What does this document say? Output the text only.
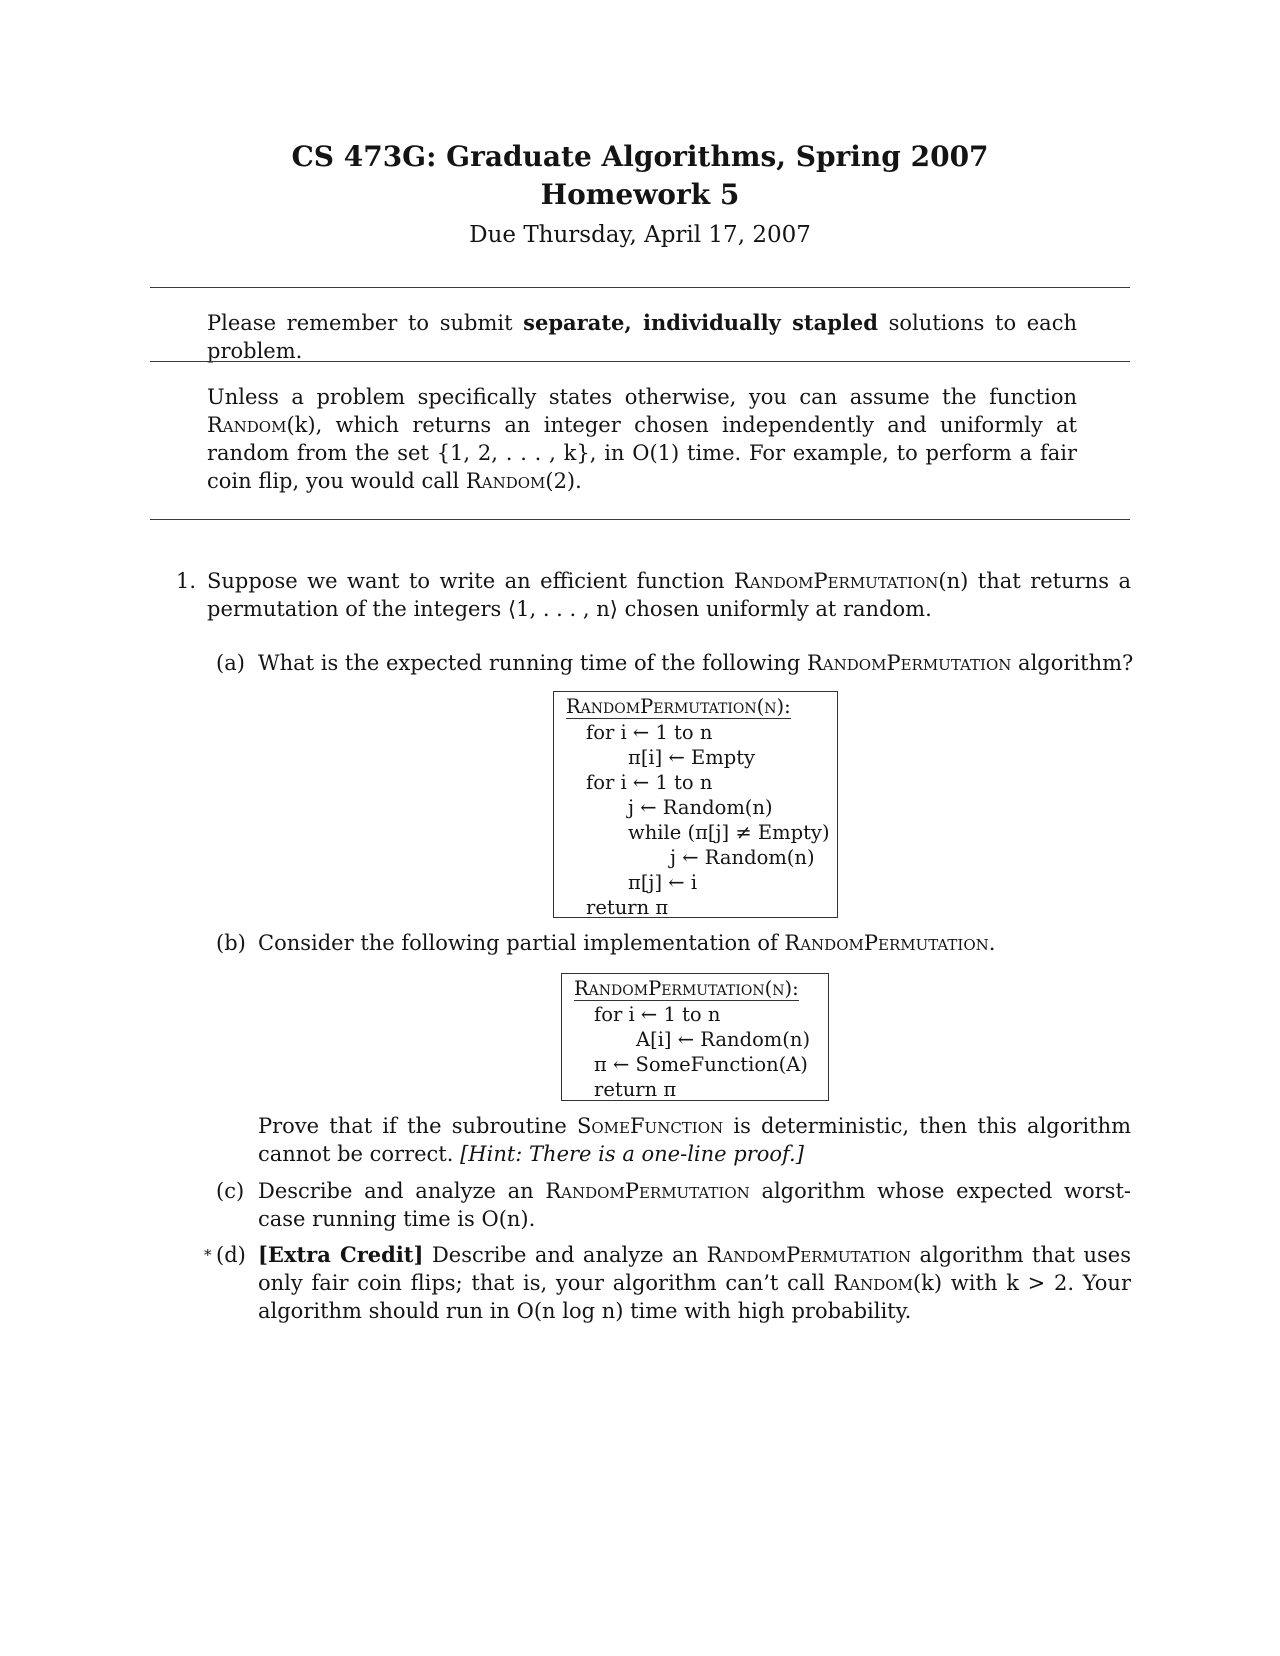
CS 473G: Graduate Algorithms, Spring 2007
Homework 5
Due Thursday, April 17, 2007
Please remember to submit separate, individually stapled solutions to each problem.
Unless a problem specifically states otherwise, you can assume the function Random(k), which returns an integer chosen independently and uniformly at random from the set {1, 2, . . . , k}, in O(1) time. For example, to perform a fair coin flip, you would call Random(2).
1. Suppose we want to write an efficient function RandomPermutation(n) that returns a permutation of the integers ⟨1, . . . , n⟩ chosen uniformly at random.
(a) What is the expected running time of the following RandomPermutation algorithm?
RandomPermutation(n):
for i ← 1 to n
π[i] ← Empty
for i ← 1 to n
j ← Random(n)
while (π[j] ≠ Empty)
j ← Random(n)
π[j] ← i
return π
(b) Consider the following partial implementation of RandomPermutation.
RandomPermutation(n):
for i ← 1 to n
A[i] ← Random(n)
π ← SomeFunction(A)
return π
Prove that if the subroutine SomeFunction is deterministic, then this algorithm cannot be correct. [Hint: There is a one-line proof.]
(c) Describe and analyze an RandomPermutation algorithm whose expected worst-case running time is O(n).
* (d) [Extra Credit] Describe and analyze an RandomPermutation algorithm that uses only fair coin flips; that is, your algorithm can’t call Random(k) with k > 2. Your algorithm should run in O(n log n) time with high probability.
